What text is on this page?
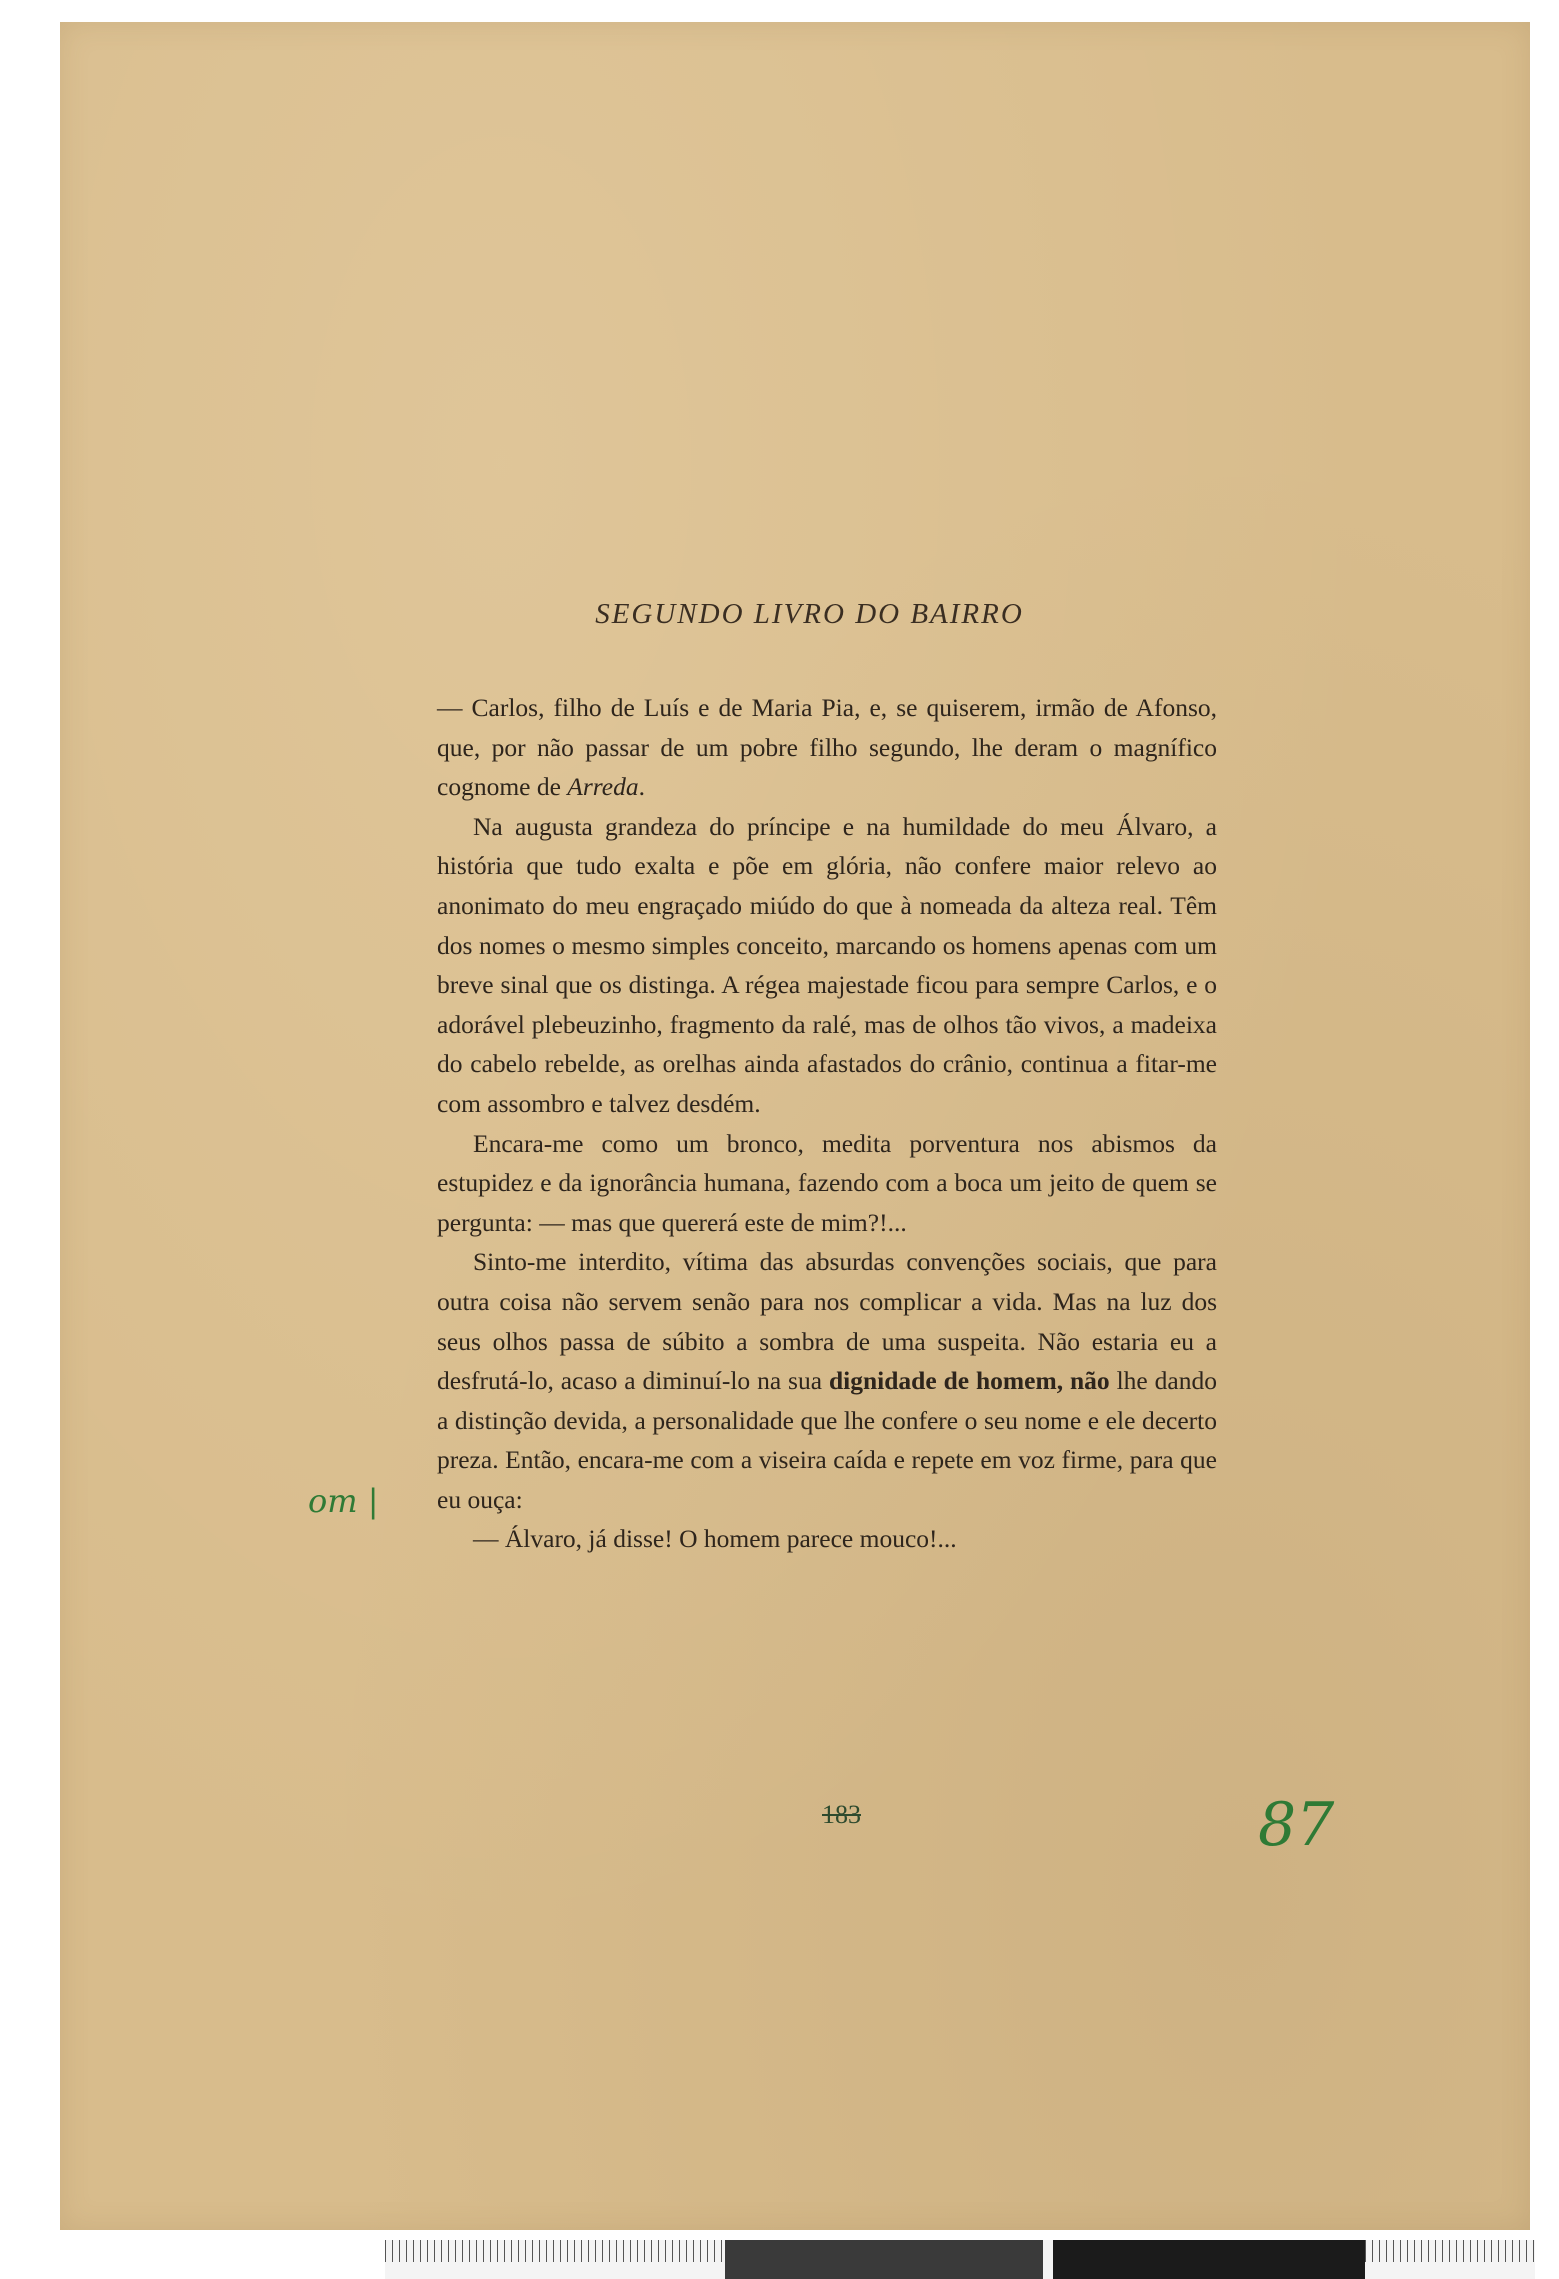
SEGUNDO LIVRO DO BAIRRO

— Carlos, filho de Luís e de Maria Pia, e, se quiserem, irmão de Afonso, que, por não passar de um pobre filho segundo, lhe deram o magnífico cognome de Arreda.

Na augusta grandeza do príncipe e na humildade do meu Álvaro, a história que tudo exalta e põe em glória, não confere maior relevo ao anonimato do meu engraçado miúdo do que à nomeada da alteza real. Têm dos nomes o mesmo simples conceito, marcando os homens apenas com um breve sinal que os distinga. A régea majestade ficou para sempre Carlos, e o adorável plebeuzinho, fragmento da ralé, mas de olhos tão vivos, a madeixa do cabelo rebelde, as orelhas ainda afastados do crânio, continua a fitar-me com assombro e talvez desdém.

Encara-me como um bronco, medita porventura nos abismos da estupidez e da ignorância humana, fazendo com a boca um jeito de quem se pergunta: — mas que quererá este de mim?!...

Sinto-me interdito, vítima das absurdas convenções sociais, que para outra coisa não servem senão para nos complicar a vida. Mas na luz dos seus olhos passa de súbito a sombra de uma suspeita. Não estaria eu a desfrutá-lo, acaso a diminuí-lo na sua dignidade de homem, não lhe dando a distinção devida, a personalidade que lhe confere o seu nome e ele decerto preza. Então, encara-me com a viseira caída e repete em voz firme, para que eu ouça:

— Álvaro, já disse! O homem parece mouco!...

183
om |
87
